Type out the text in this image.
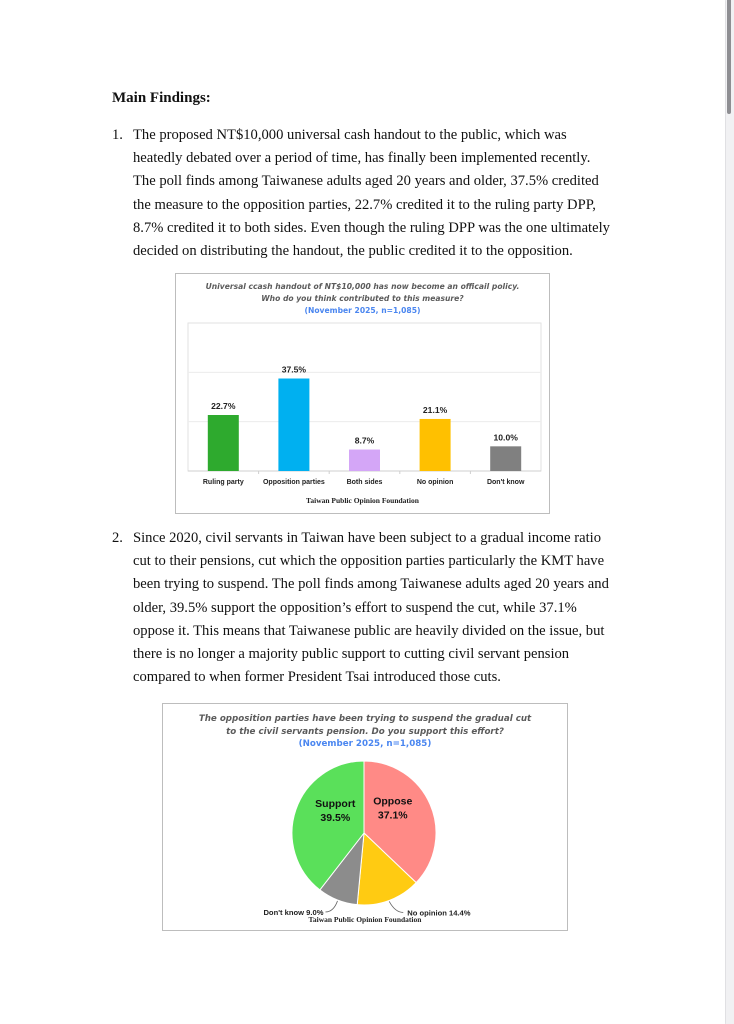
Main Findings:
1. The proposed NT$10,000 universal cash handout to the public, which was
heatedly debated over a period of time, has finally been implemented recently.
The poll finds among Taiwanese adults aged 20 years and older, 37.5% credited
the measure to the opposition parties, 22.7% credited it to the ruling party DPP,
8.7% credited it to both sides. Even though the ruling DPP was the one ultimately
decided on distributing the handout, the public credited it to the opposition.
Universal ccash handout of NT$10,000 has now become an officail policy.
Who do you think contributed to this measure?
(November 2025, n=1,085)
22.7%
Ruling party
37.5%
Opposition parties
8.7%
Both sides
21.1%
No opinion
10.0%
Don't know
Taiwan Public Opinion Foundation
2. Since 2020, civil servants in Taiwan have been subject to a gradual income ratio
cut to their pensions, cut which the opposition parties particularly the KMT have
been trying to suspend. The poll finds among Taiwanese adults aged 20 years and
older, 39.5% support the opposition’s effort to suspend the cut, while 37.1%
oppose it. This means that Taiwanese public are heavily divided on the issue, but
there is no longer a majority public support to cutting civil servant pension
compared to when former President Tsai introduced those cuts.
The opposition parties have been trying to suspend the gradual cut
to the civil servants pension. Do you support this effort?
(November 2025, n=1,085)
Oppose
37.1%
No opinion 14.4%
Don't know 9.0%
Support
39.5%
Taiwan Public Opinion Foundation
